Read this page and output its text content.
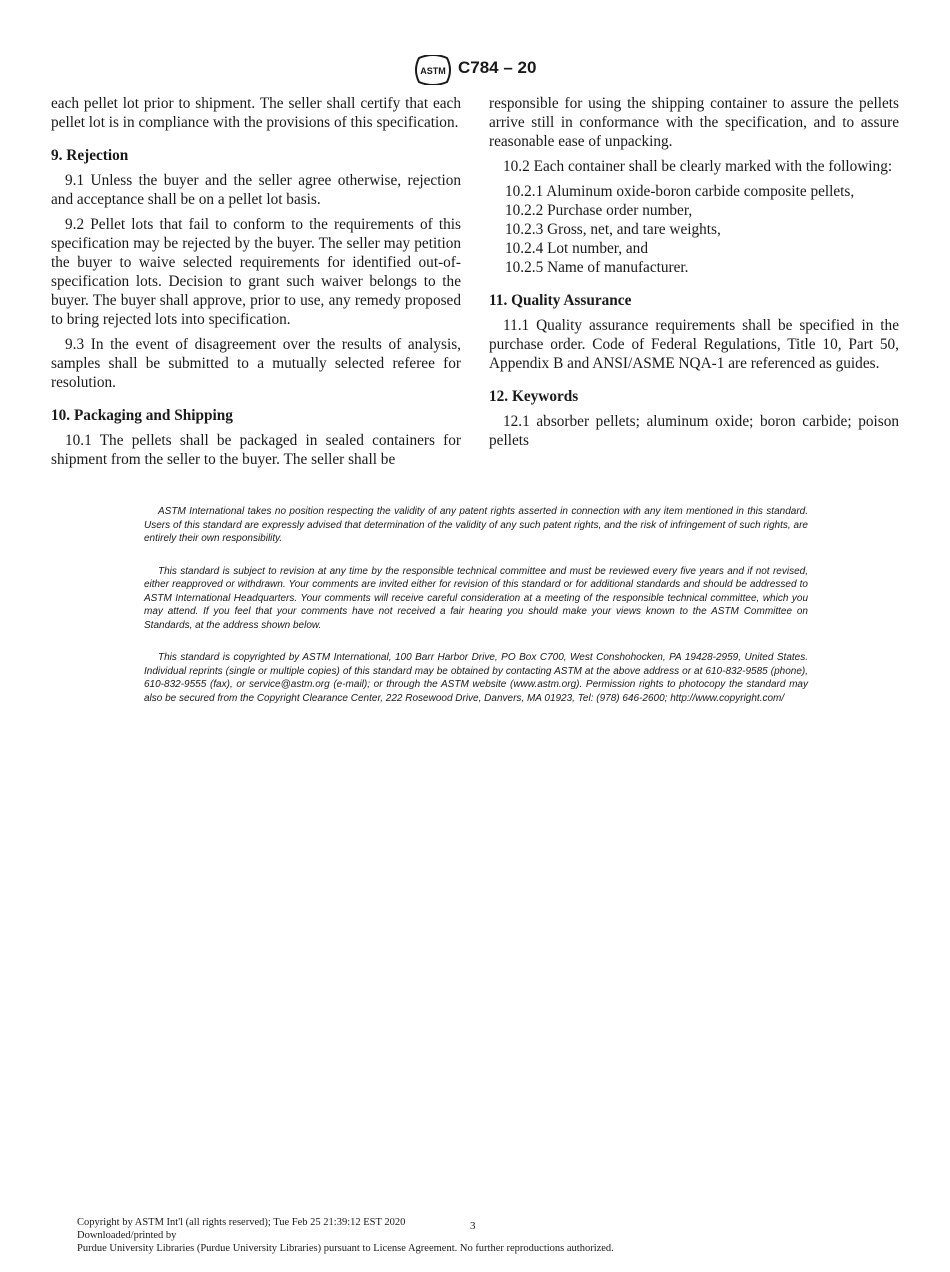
ASTM C784 – 20

each pellet lot prior to shipment. The seller shall certify that each pellet lot is in compliance with the provisions of this specification.

9. Rejection

9.1 Unless the buyer and the seller agree otherwise, rejection and acceptance shall be on a pellet lot basis.

9.2 Pellet lots that fail to conform to the requirements of this specification may be rejected by the buyer. The seller may petition the buyer to waive selected requirements for identified out-of-specification lots. Decision to grant such waiver belongs to the buyer. The buyer shall approve, prior to use, any remedy proposed to bring rejected lots into specification.

9.3 In the event of disagreement over the results of analysis, samples shall be submitted to a mutually selected referee for resolution.

10. Packaging and Shipping

10.1 The pellets shall be packaged in sealed containers for shipment from the seller to the buyer. The seller shall be

responsible for using the shipping container to assure the pellets arrive still in conformance with the specification, and to assure reasonable ease of unpacking.

10.2 Each container shall be clearly marked with the following:

10.2.1 Aluminum oxide-boron carbide composite pellets,
10.2.2 Purchase order number,
10.2.3 Gross, net, and tare weights,
10.2.4 Lot number, and
10.2.5 Name of manufacturer.
11. Quality Assurance

11.1 Quality assurance requirements shall be specified in the purchase order. Code of Federal Regulations, Title 10, Part 50, Appendix B and ANSI/ASME NQA-1 are referenced as guides.

12. Keywords

12.1 absorber pellets; aluminum oxide; boron carbide; poison pellets

ASTM International takes no position respecting the validity of any patent rights asserted in connection with any item mentioned in this standard. Users of this standard are expressly advised that determination of the validity of any such patent rights, and the risk of infringement of such rights, are entirely their own responsibility.

This standard is subject to revision at any time by the responsible technical committee and must be reviewed every five years and if not revised, either reapproved or withdrawn. Your comments are invited either for revision of this standard or for additional standards and should be addressed to ASTM International Headquarters. Your comments will receive careful consideration at a meeting of the responsible technical committee, which you may attend. If you feel that your comments have not received a fair hearing you should make your views known to the ASTM Committee on Standards, at the address shown below.

This standard is copyrighted by ASTM International, 100 Barr Harbor Drive, PO Box C700, West Conshohocken, PA 19428-2959, United States. Individual reprints (single or multiple copies) of this standard may be obtained by contacting ASTM at the above address or at 610-832-9585 (phone), 610-832-9555 (fax), or service@astm.org (e-mail); or through the ASTM website (www.astm.org). Permission rights to photocopy the standard may also be secured from the Copyright Clearance Center, 222 Rosewood Drive, Danvers, MA 01923, Tel: (978) 646-2600; http://www.copyright.com/

Copyright by ASTM Int'l (all rights reserved); Tue Feb 25 21:39:12 EST 2020
Downloaded/printed by
Purdue University Libraries (Purdue University Libraries) pursuant to License Agreement. No further reproductions authorized.
3
